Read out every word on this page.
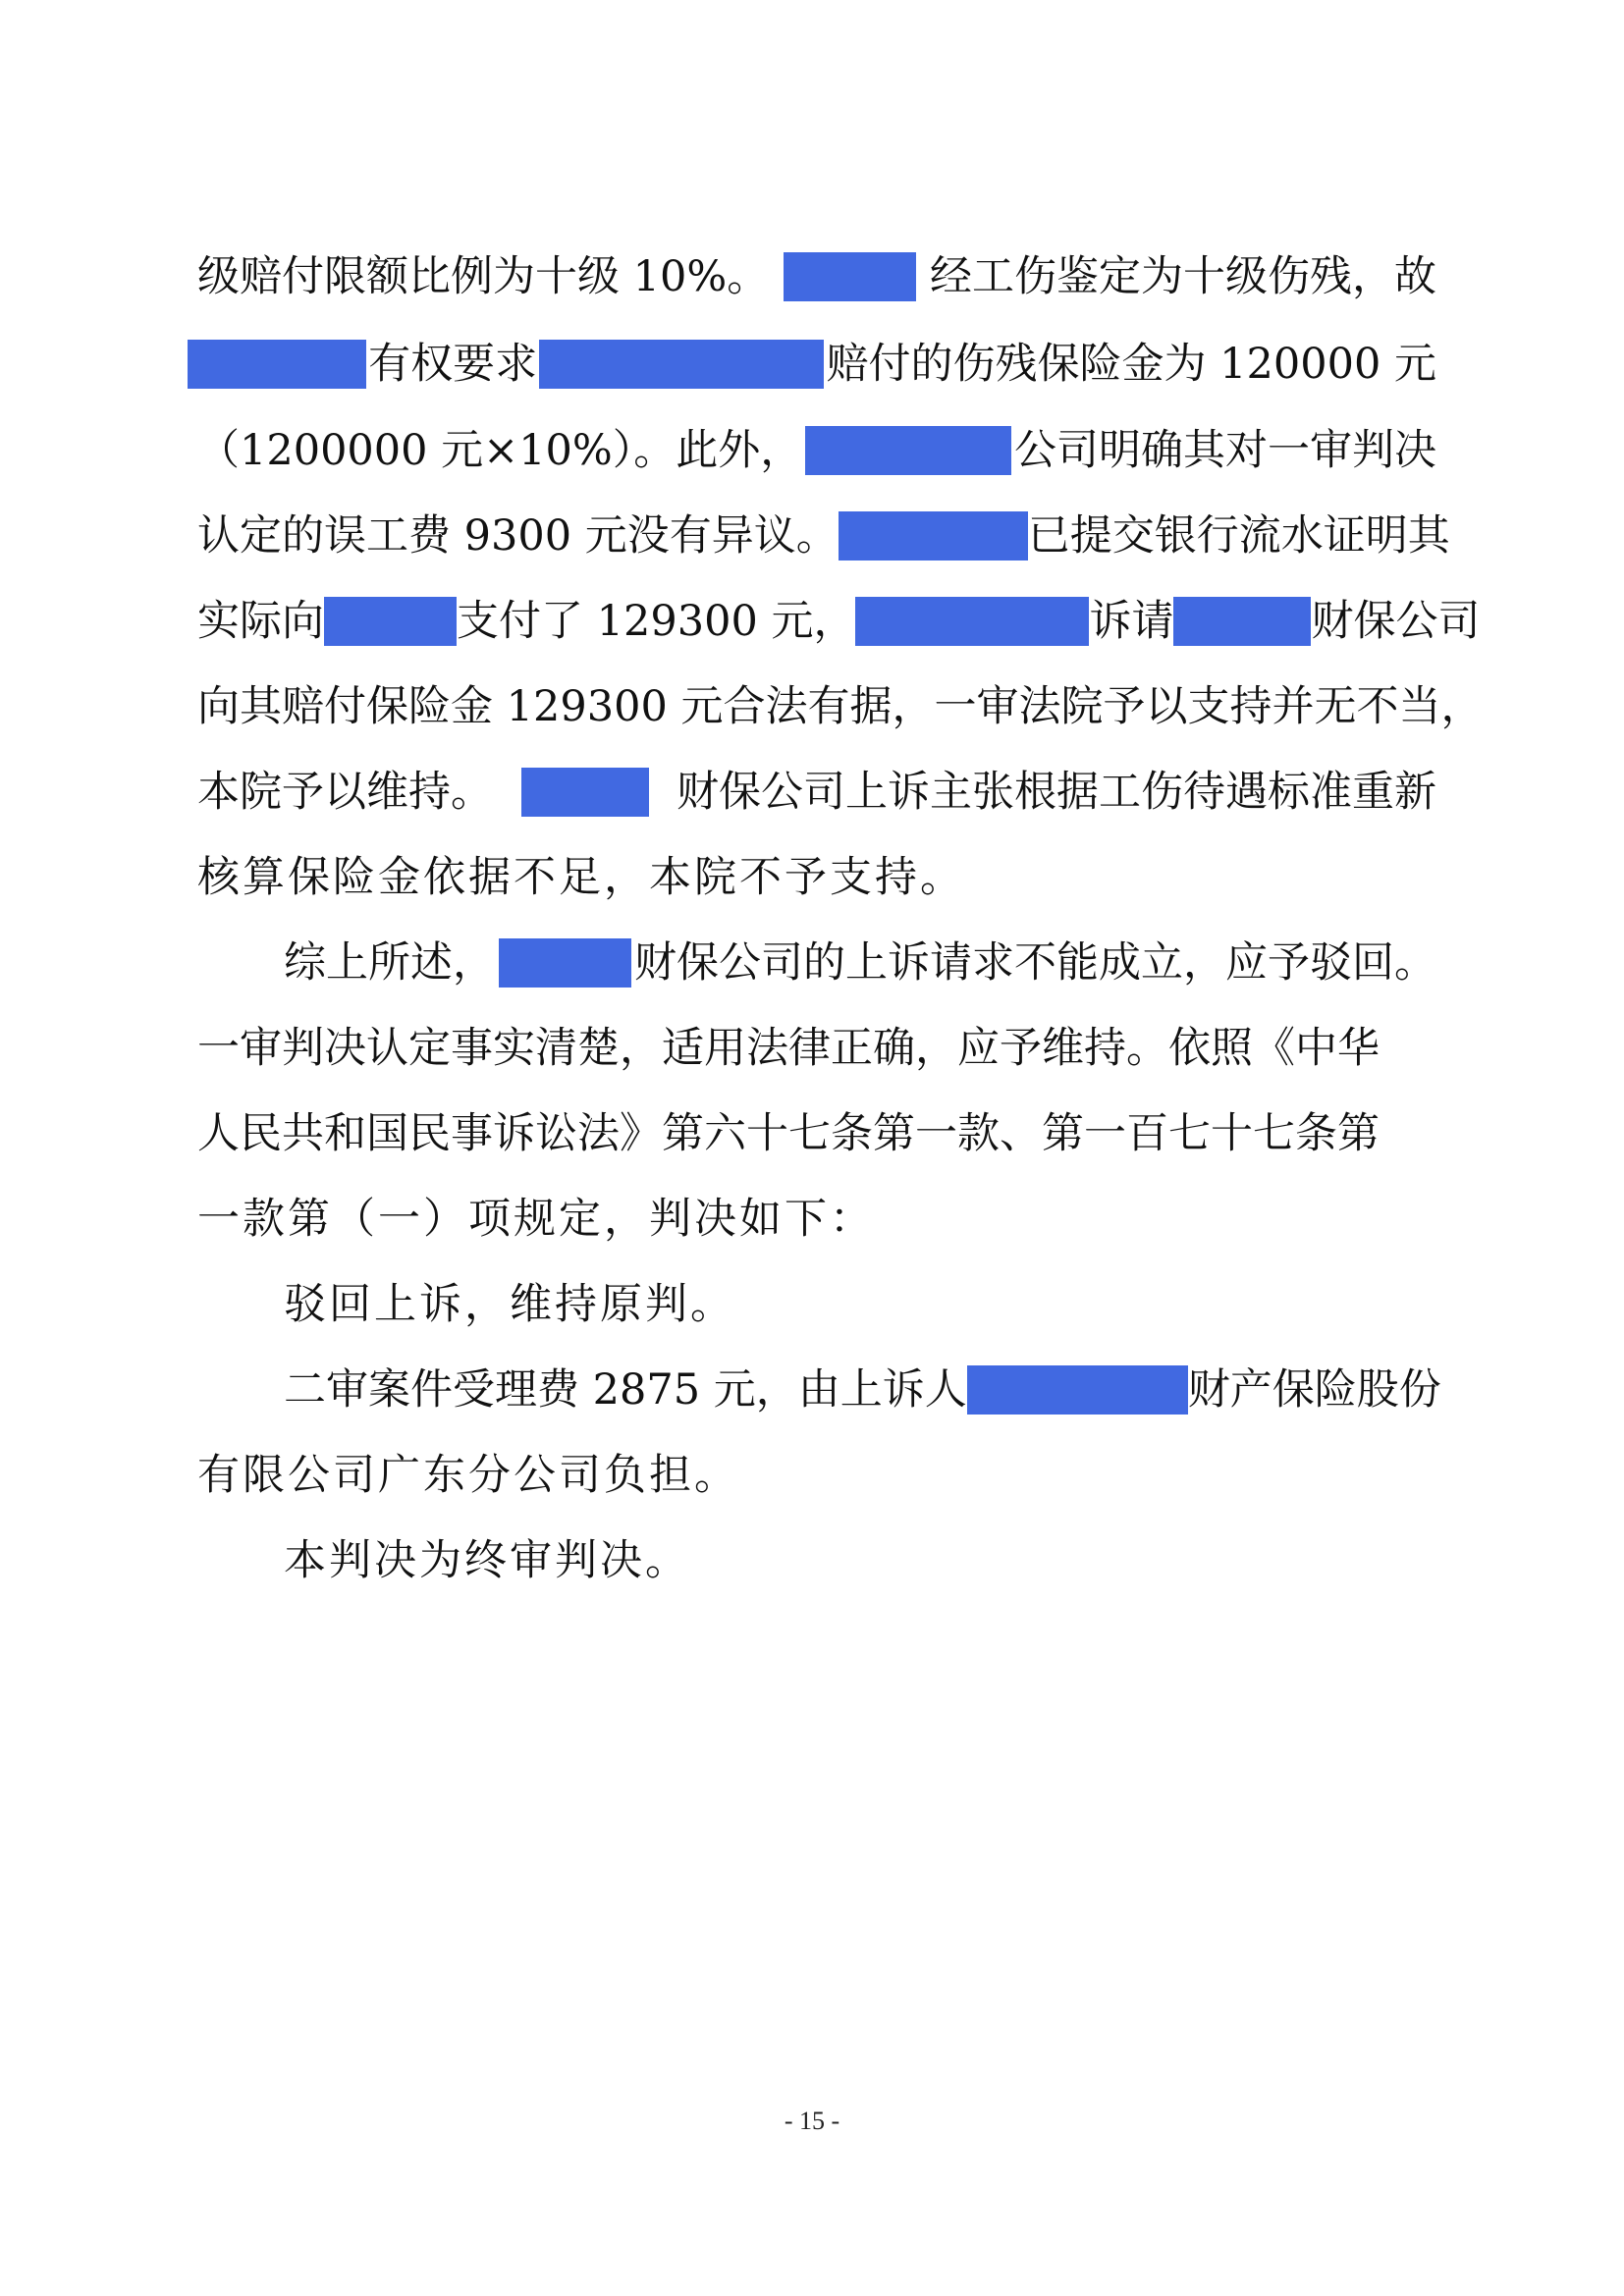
级赔付限额比例为十级 10%。	经工伤鉴定为十级伤残，故
有权要求	赔付的伤残保险金为 120000 元
（1200000 元×10%）。此外，	公司明确其对一审判决
认定的误工费 9300 元没有异议。	已提交银行流水证明其
实际向	支付了 129300 元，	诉请	财保公司
向其赔付保险金 129300 元合法有据，一审法院予以支持并无不当，
本院予以维持。	财保公司上诉主张根据工伤待遇标准重新
核算保险金依据不足，本院不予支持。
综上所述，	财保公司的上诉请求不能成立，应予驳回。
一审判决认定事实清楚，适用法律正确，应予维持。依照《中华
人民共和国民事诉讼法》第六十七条第一款、第一百七十七条第
一款第（一）项规定，判决如下：
驳回上诉，维持原判。
二审案件受理费 2875 元，由上诉人	财产保险股份
有限公司广东分公司负担。
本判决为终审判决。
- 15 -
